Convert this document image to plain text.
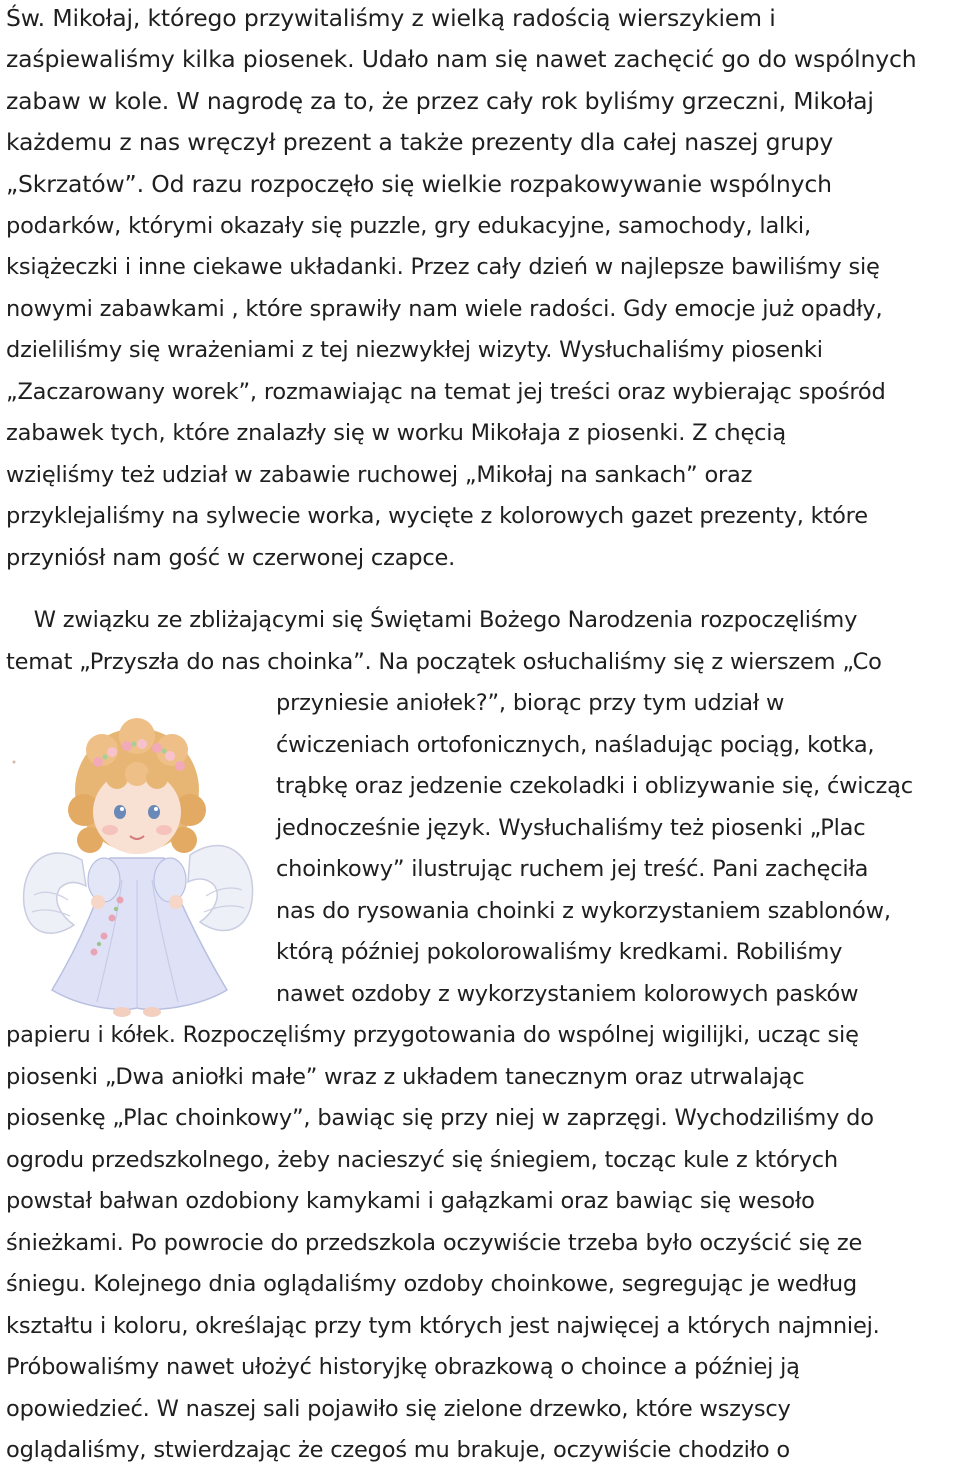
Św. Mikołaj, którego przywitaliśmy z wielką radością wierszykiem i
zaśpiewaliśmy kilka piosenek. Udało nam się nawet zachęcić go do wspólnych
zabaw w kole. W nagrodę za to, że przez cały rok byliśmy grzeczni, Mikołaj
każdemu z nas wręczył prezent a także prezenty dla całej naszej grupy
„Skrzatów”. Od razu rozpoczęło się wielkie rozpakowywanie wspólnych
podarków, którymi okazały się puzzle, gry edukacyjne, samochody, lalki,
książeczki i inne ciekawe układanki. Przez cały dzień w najlepsze bawiliśmy się
nowymi zabawkami , które sprawiły nam wiele radości. Gdy emocje już opadły,
dzieliliśmy się wrażeniami z tej niezwykłej wizyty. Wysłuchaliśmy piosenki
„Zaczarowany worek”, rozmawiając na temat jej treści oraz wybierając spośród
zabawek tych, które znalazły się w worku Mikołaja z piosenki. Z chęcią
wzięliśmy też udział w zabawie ruchowej „Mikołaj na sankach” oraz
przyklejaliśmy na sylwecie worka, wycięte z kolorowych gazet prezenty, które
przyniósł nam gość w czerwonej czapce.
W związku ze zbliżającymi się Świętami Bożego Narodzenia rozpoczęliśmy
temat „Przyszła do nas choinka”. Na początek osłuchaliśmy się z wierszem „Co
przyniesie aniołek?”, biorąc przy tym udział w
ćwiczeniach ortofonicznych, naśladując pociąg, kotka,
trąbkę oraz jedzenie czekoladki i oblizywanie się, ćwicząc
jednocześnie język. Wysłuchaliśmy też piosenki „Plac
choinkowy” ilustrując ruchem jej treść. Pani zachęciła
nas do rysowania choinki z wykorzystaniem szablonów,
którą później pokolorowaliśmy kredkami. Robiliśmy
nawet ozdoby z wykorzystaniem kolorowych pasków
papieru i kółek. Rozpoczęliśmy przygotowania do wspólnej wigilijki, ucząc się
piosenki „Dwa aniołki małe” wraz z układem tanecznym oraz utrwalając
piosenkę „Plac choinkowy”, bawiąc się przy niej w zaprzęgi. Wychodziliśmy do
ogrodu przedszkolnego, żeby nacieszyć się śniegiem, tocząc kule z których
powstał bałwan ozdobiony kamykami i gałązkami oraz bawiąc się wesoło
śnieżkami. Po powrocie do przedszkola oczywiście trzeba było oczyścić się ze
śniegu. Kolejnego dnia oglądaliśmy ozdoby choinkowe, segregując je według
kształtu i koloru, określając przy tym których jest najwięcej a których najmniej.
Próbowaliśmy nawet ułożyć historyjkę obrazkową o choince a później ją
opowiedzieć. W naszej sali pojawiło się zielone drzewko, które wszyscy
oglądaliśmy, stwierdzając że czegoś mu brakuje, oczywiście chodziło o
